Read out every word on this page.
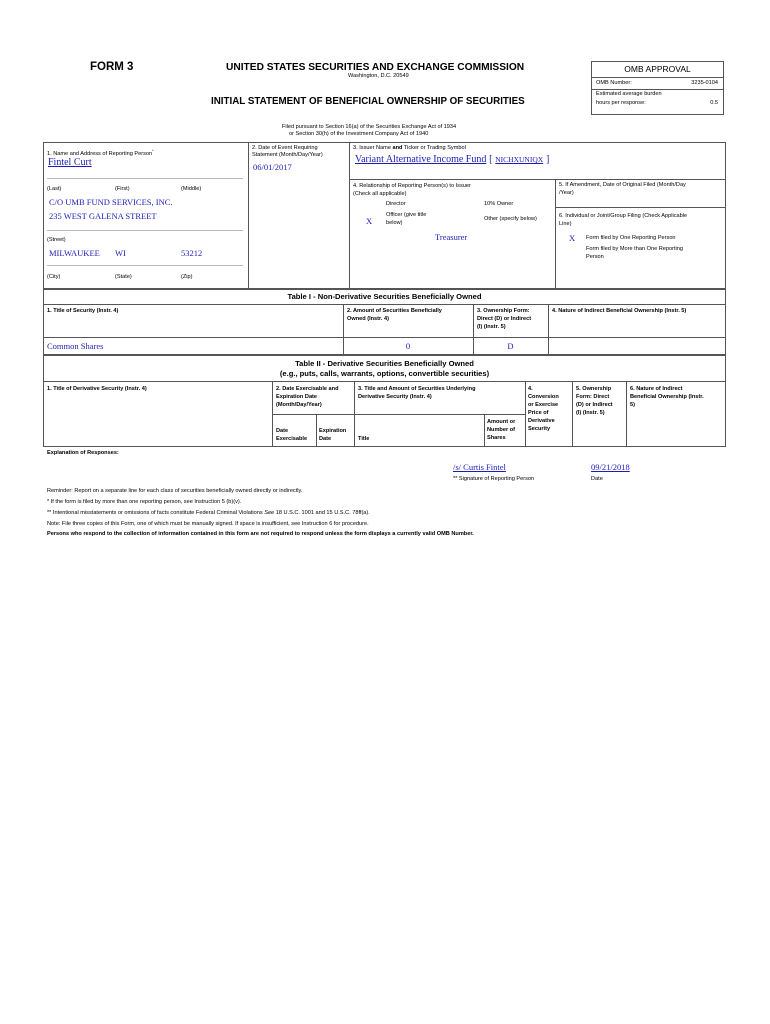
FORM 3	UNITED STATES SECURITIES AND EXCHANGE COMMISSION
Washington, D.C. 20549
INITIAL STATEMENT OF BENEFICIAL OWNERSHIP OF SECURITIES
OMB APPROVAL
OMB Number:	3235-0104
Estimated average burden
hours per response:	0.5
Filed pursuant to Section 16(a) of the Securities Exchange Act of 1934
or Section 30(h) of the Investment Company Act of 1940
1. Name and Address of Reporting Person*
Fintel Curt
(Last)	(First)	(Middle)
C/O UMB FUND SERVICES, INC.
235 WEST GALENA STREET
(Street)
MILWAUKEE WI	53212
(City)	(State)	(Zip)
2. Date of Event Requiring
Statement (Month/Day/Year)
06/01/2017
3. Issuer Name and Ticker or Trading Symbol
Variant Alternative Income Fund [ NICHXUNIQX ]
4. Relationship of Reporting Person(s) to Issuer
(Check all applicable)
Director	10% Owner
X
Officer (give title
below)
Other (specify below)
Treasurer
5. If Amendment, Date of Original Filed (Month/Day
/Year)
6. Individual or Joint/Group Filing (Check Applicable
Line)
X Form filed by One Reporting Person
Form filed by More than One Reporting
Person
Table I - Non-Derivative Securities Beneficially Owned
1. Title of Security (Instr. 4)	2. Amount of Securities Beneficially
Owned (Instr. 4)
3. Ownership Form:
Direct (D) or Indirect
(I) (Instr. 5)
4. Nature of Indirect Beneficial Ownership (Instr. 5)
Common Shares	0	D
Table II - Derivative Securities Beneficially Owned
(e.g., puts, calls, warrants, options, convertible securities)
1. Title of Derivative Security (Instr. 4)	2. Date Exercisable and
Expiration Date
(Month/Day/Year)
3. Title and Amount of Securities Underlying
Derivative Security (Instr. 4)
4.
Conversion
or Exercise
Price of
Derivative
Security
5. Ownership
Form: Direct
(D) or Indirect
(I) (Instr. 5)
6. Nature of Indirect
Beneficial Ownership (Instr.
5)
Date
Exercisable
Expiration
Date	Title
Amount or
Number of
Shares
Explanation of Responses:
/s/ Curtis Fintel	09/21/2018
** Signature of Reporting Person	Date
Reminder: Report on a separate line for each class of securities beneficially owned directly or indirectly.
* If the form is filed by more than one reporting person, see Instruction 5 (b)(v).
** Intentional misstatements or omissions of facts constitute Federal Criminal Violations See 18 U.S.C. 1001 and 15 U.S.C. 78ff(a).
Note: File three copies of this Form, one of which must be manually signed. If space is insufficient, see Instruction 6 for procedure.
Persons who respond to the collection of information contained in this form are not required to respond unless the form displays a currently valid OMB Number.
